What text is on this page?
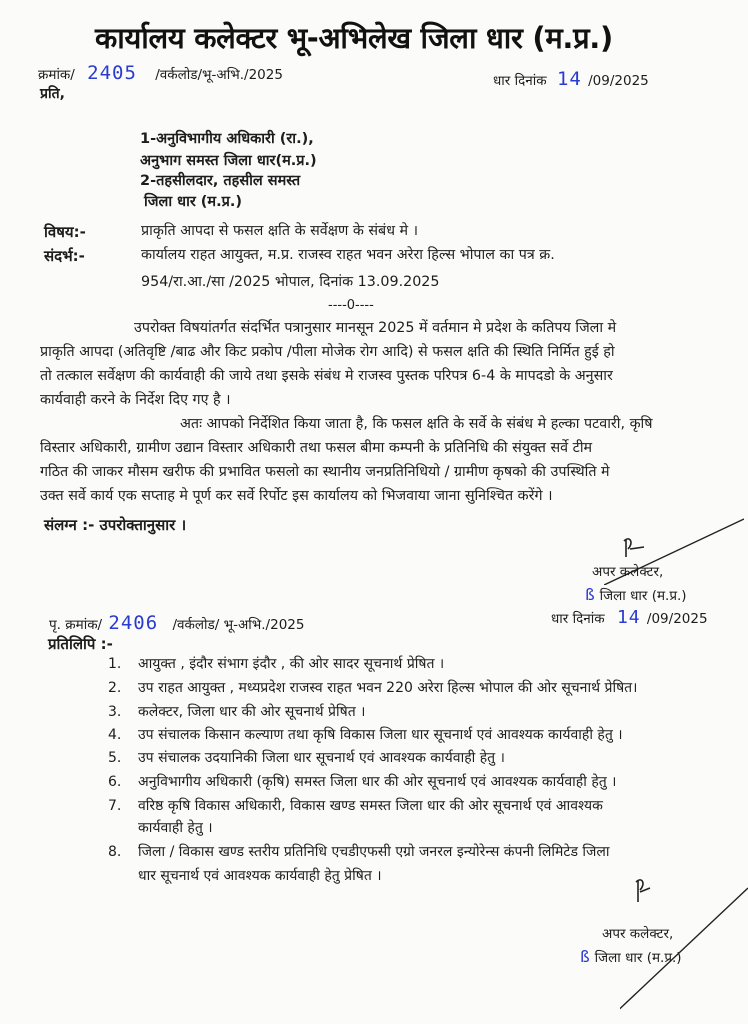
कार्यालय कलेक्टर भू-अभिलेख जिला धार (म.प्र.)
क्रमांक/ 2405 /वर्कलोड/भू-अभि./2025	धार दिनांक 14 /09/2025
प्रति,
1-अनुविभागीय अधिकारी (रा.),
अनुभाग समस्त जिला धार(म.प्र.)
2-तहसीलदार, तहसील समस्त
जिला धार (म.प्र.)
विषय:-	प्राकृति आपदा से फसल क्षति के सर्वेक्षण के संबंध मे ।
संदर्भ:-	कार्यालय राहत आयुक्त, म.प्र. राजस्व राहत भवन अरेरा हिल्स भोपाल का पत्र क्र.
954/रा.आ./सा /2025 भोपाल, दिनांक 13.09.2025
----0----
उपरोक्त विषयांतर्गत संदर्भित पत्रानुसार मानसून 2025 में वर्तमान मे प्रदेश के कतिपय जिला मे
प्राकृति आपदा (अतिवृष्टि /बाढ और किट प्रकोप /पीला मोजेक रोग आदि) से फसल क्षति की स्थिति निर्मित हुई हो
तो तत्काल सर्वेक्षण की कार्यवाही की जाये तथा इसके संबंध मे राजस्व पुस्तक परिपत्र 6-4 के मापदडो के अनुसार
कार्यवाही करने के निर्देश दिए गए है ।
अतः आपको निर्देशित किया जाता है, कि फसल क्षति के सर्वे के संबंध मे हल्का पटवारी, कृषि
विस्तार अधिकारी, ग्रामीण उद्यान विस्तार अधिकारी तथा फसल बीमा कम्पनी के प्रतिनिधि की संयुक्त सर्वे टीम
गठित की जाकर मौसम खरीफ की प्रभावित फसलो का स्थानीय जनप्रतिनिधियो / ग्रामीण कृषको की उपस्थिति मे
उक्त सर्वे कार्य एक सप्ताह मे पूर्ण कर सर्वे रिर्पोट इस कार्यालय को भिजवाया जाना सुनिश्चित करेंगे ।
संलग्न :- उपरोक्तानुसार ।
अपर कलेक्टर,
ß जिला धार (म.प्र.)
धार दिनांक 14 /09/2025
पृ. क्रमांक/ 2406 /वर्कलोड/ भू-अभि./2025
प्रतिलिपि :-
1. आयुक्त , इंदौर संभाग इंदौर , की ओर सादर सूचनार्थ प्रेषित ।
2. उप राहत आयुक्त , मध्यप्रदेश राजस्व राहत भवन 220 अरेरा हिल्स भोपाल की ओर सूचनार्थ प्रेषित।
3. कलेक्टर, जिला धार की ओर सूचनार्थ प्रेषित ।
4. उप संचालक किसान कल्याण तथा कृषि विकास जिला धार सूचनार्थ एवं आवश्यक कार्यवाही हेतु ।
5. उप संचालक उदयानिकी जिला धार सूचनार्थ एवं आवश्यक कार्यवाही हेतु ।
6. अनुविभागीय अधिकारी (कृषि) समस्त जिला धार की ओर सूचनार्थ एवं आवश्यक कार्यवाही हेतु ।
7. वरिष्ठ कृषि विकास अधिकारी, विकास खण्ड समस्त जिला धार की ओर सूचनार्थ एवं आवश्यक
कार्यवाही हेतु ।
8. जिला / विकास खण्ड स्तरीय प्रतिनिधि एचडीएफसी एग्रो जनरल इन्योरेन्स कंपनी लिमिटेड जिला
धार सूचनार्थ एवं आवश्यक कार्यवाही हेतु प्रेषित ।
अपर कलेक्टर,
ß जिला धार (म.प्र.)
